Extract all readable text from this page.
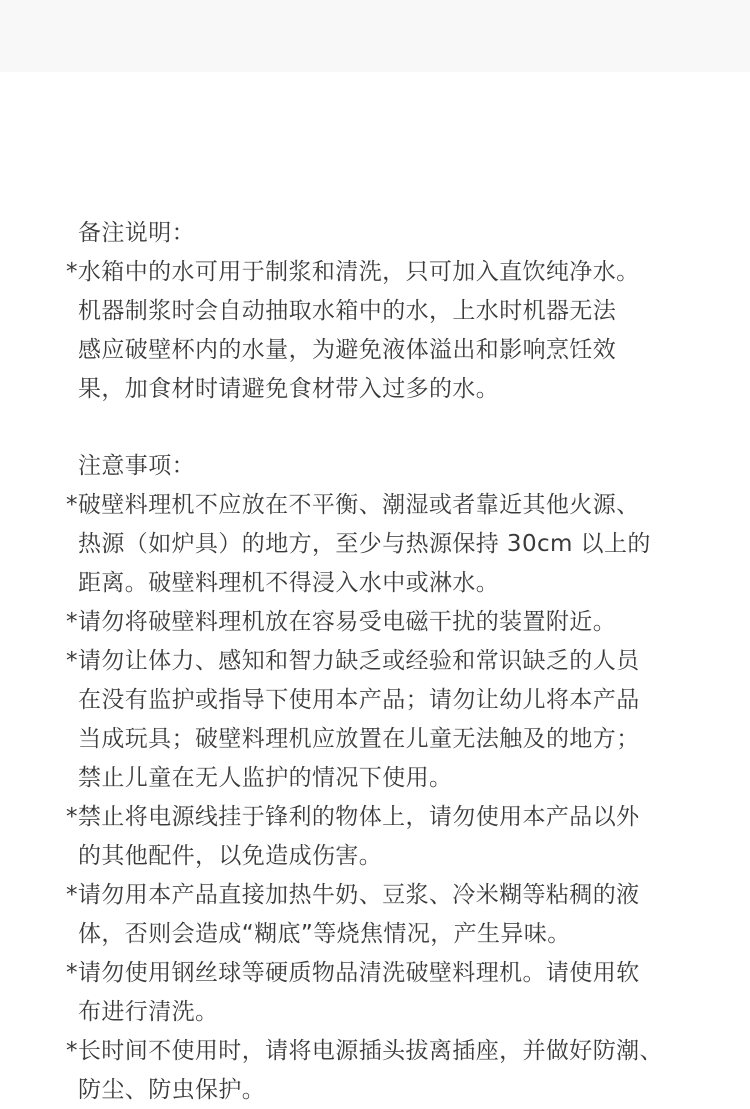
备注说明：
*水箱中的水可用于制浆和清洗，只可加入直饮纯净水。
机器制浆时会自动抽取水箱中的水，上水时机器无法
感应破壁杯内的水量，为避免液体溢出和影响烹饪效
果，加食材时请避免食材带入过多的水。
注意事项：
*破壁料理机不应放在不平衡、潮湿或者靠近其他火源、
热源（如炉具）的地方，至少与热源保持 30cm 以上的
距离。破壁料理机不得浸入水中或淋水。
*请勿将破壁料理机放在容易受电磁干扰的装置附近。
*请勿让体力、感知和智力缺乏或经验和常识缺乏的人员
在没有监护或指导下使用本产品；请勿让幼儿将本产品
当成玩具；破壁料理机应放置在儿童无法触及的地方；
禁止儿童在无人监护的情况下使用。
*禁止将电源线挂于锋利的物体上，请勿使用本产品以外
的其他配件，以免造成伤害。
*请勿用本产品直接加热牛奶、豆浆、冷米糊等粘稠的液
体，否则会造成“糊底”等烧焦情况，产生异味。
*请勿使用钢丝球等硬质物品清洗破壁料理机。请使用软
布进行清洗。
*长时间不使用时，请将电源插头拔离插座，并做好防潮、
防尘、防虫保护。
